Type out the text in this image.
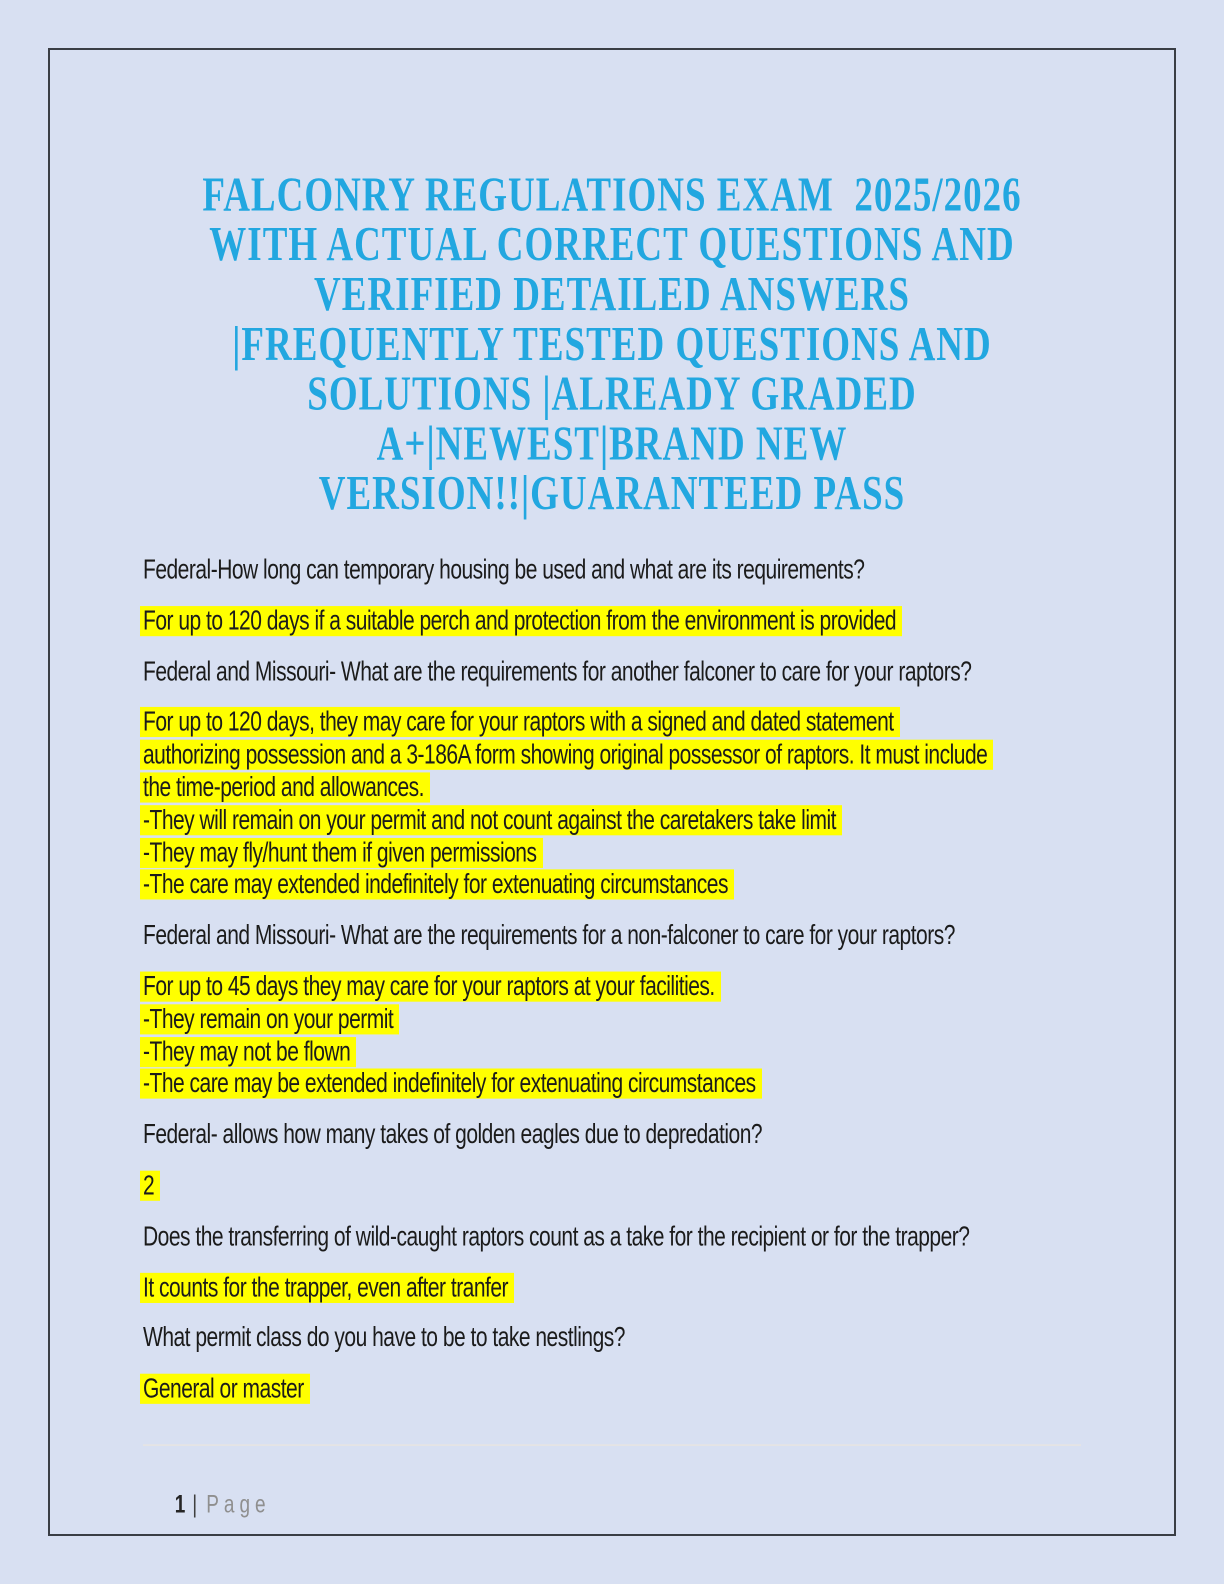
FALCONRY REGULATIONS EXAM  2025/2026
WITH ACTUAL CORRECT QUESTIONS AND
VERIFIED DETAILED ANSWERS
|FREQUENTLY TESTED QUESTIONS AND
SOLUTIONS |ALREADY GRADED
A+|NEWEST|BRAND NEW
VERSION!!|GUARANTEED PASS
Federal-How long can temporary housing be used and what are its requirements?
For up to 120 days if a suitable perch and protection from the environment is provided
Federal and Missouri- What are the requirements for another falconer to care for your raptors?
For up to 120 days, they may care for your raptors with a signed and dated statement
authorizing possession and a 3-186A form showing original possessor of raptors. It must include
the time-period and allowances.
-They will remain on your permit and not count against the caretakers take limit
-They may fly/hunt them if given permissions
-The care may extended indefinitely for extenuating circumstances
Federal and Missouri- What are the requirements for a non-falconer to care for your raptors?
For up to 45 days they may care for your raptors at your facilities.
-They remain on your permit
-They may not be flown
-The care may be extended indefinitely for extenuating circumstances
Federal- allows how many takes of golden eagles due to depredation?
2
Does the transferring of wild-caught raptors count as a take for the recipient or for the trapper?
It counts for the trapper, even after tranfer
What permit class do you have to be to take nestlings?
General or master

1 | Page
